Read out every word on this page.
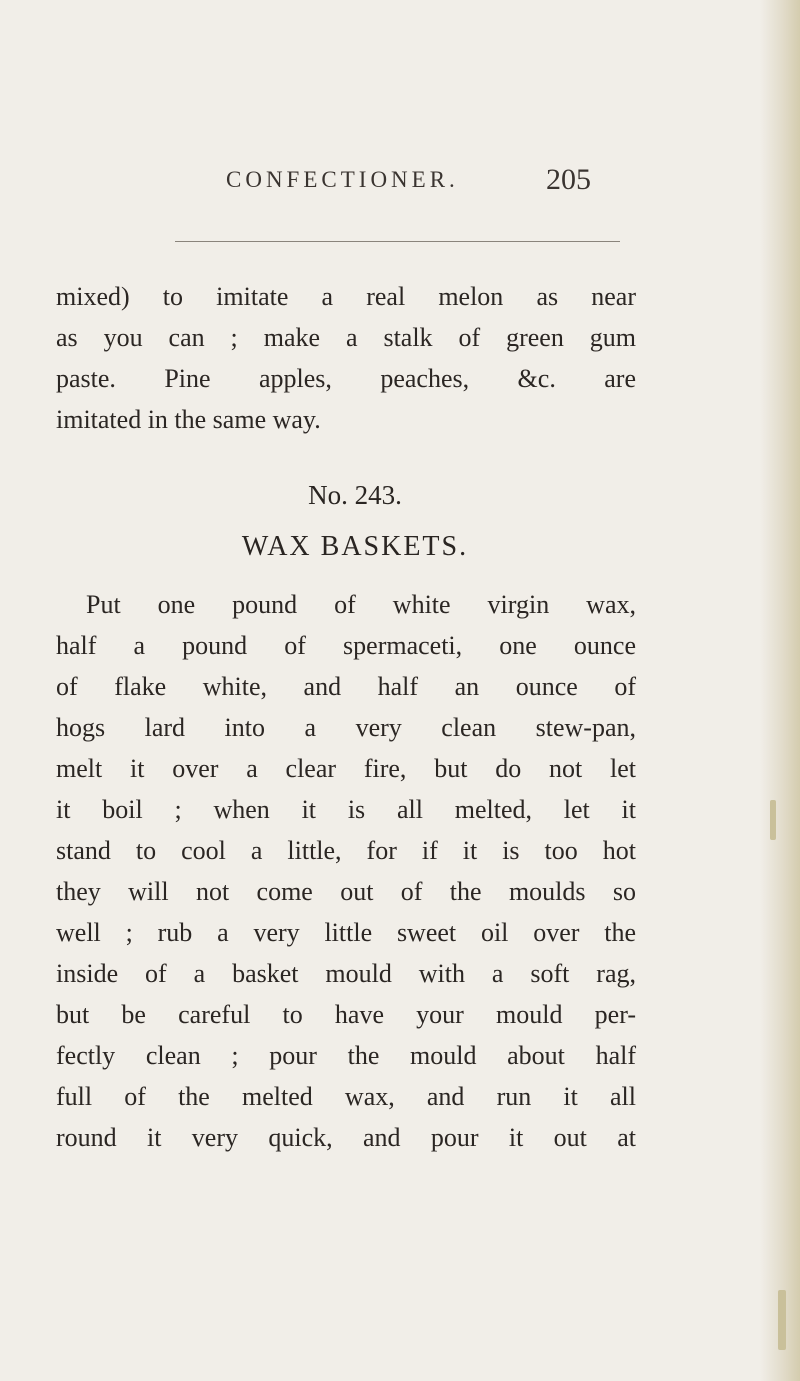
CONFECTIONER.	205
mixed) to imitate a real melon as near
as you can ; make a stalk of green gum
paste. Pine apples, peaches, &c. are
imitated in the same way.
No. 243.
WAX BASKETS.
Put one pound of white virgin wax,
half a pound of spermaceti, one ounce
of flake white, and half an ounce of
hogs lard into a very clean stew-pan,
melt it over a clear fire, but do not let
it boil ; when it is all melted, let it
stand to cool a little, for if it is too hot
they will not come out of the moulds so
well ; rub a very little sweet oil over the
inside of a basket mould with a soft rag,
but be careful to have your mould per-
fectly clean ; pour the mould about half
full of the melted wax, and run it all
round it very quick, and pour it out at
